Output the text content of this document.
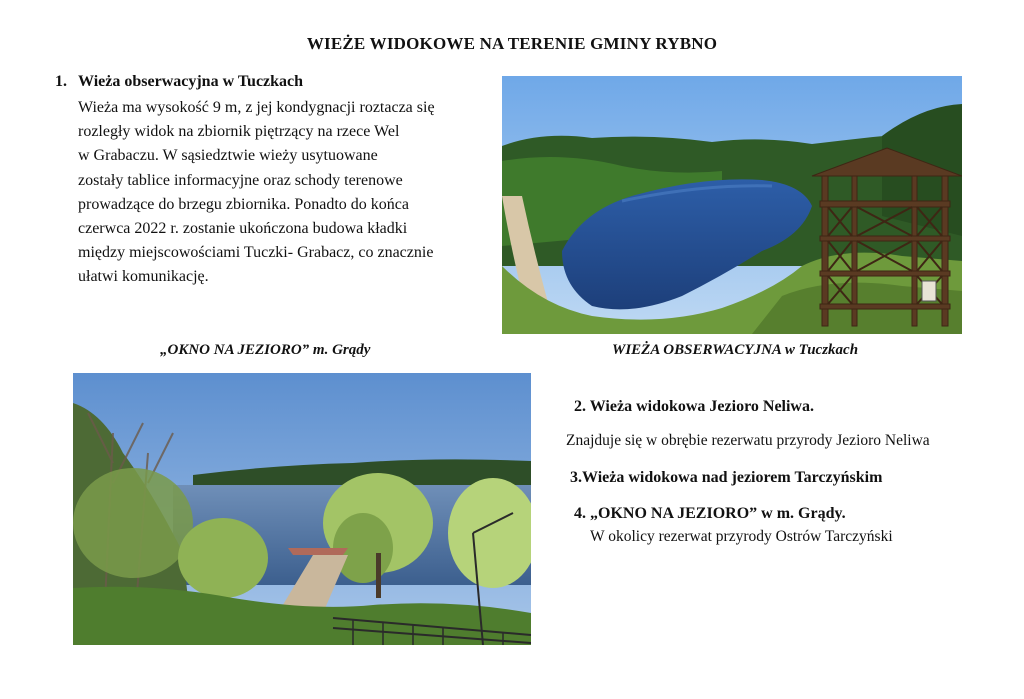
WIEŻE WIDOKOWE NA TERENIE GMINY RYBNO
1. Wieża obserwacyjna w Tuczkach
Wieża ma wysokość 9 m, z jej kondygnacji roztacza się
rozległy widok na zbiornik piętrzący na rzece Wel
w Grabaczu. W sąsiedztwie wieży usytuowane
zostały tablice informacyjne oraz schody terenowe
prowadzące do brzegu zbiornika. Ponadto do końca
czerwca 2022 r. zostanie ukończona budowa kładki
między miejscowościami Tuczki- Grabacz, co znacznie
ułatwi komunikację.
„OKNO NA JEZIORO” m. Grądy	WIEŻA OBSERWACYJNA w Tuczkach
2. Wieża widokowa Jezioro Neliwa.
Znajduje się w obrębie rezerwatu przyrody Jezioro Neliwa
3.Wieża widokowa nad jeziorem Tarczyńskim
4. „OKNO NA JEZIORO” w m. Grądy.
W okolicy rezerwat przyrody Ostrów Tarczyński
